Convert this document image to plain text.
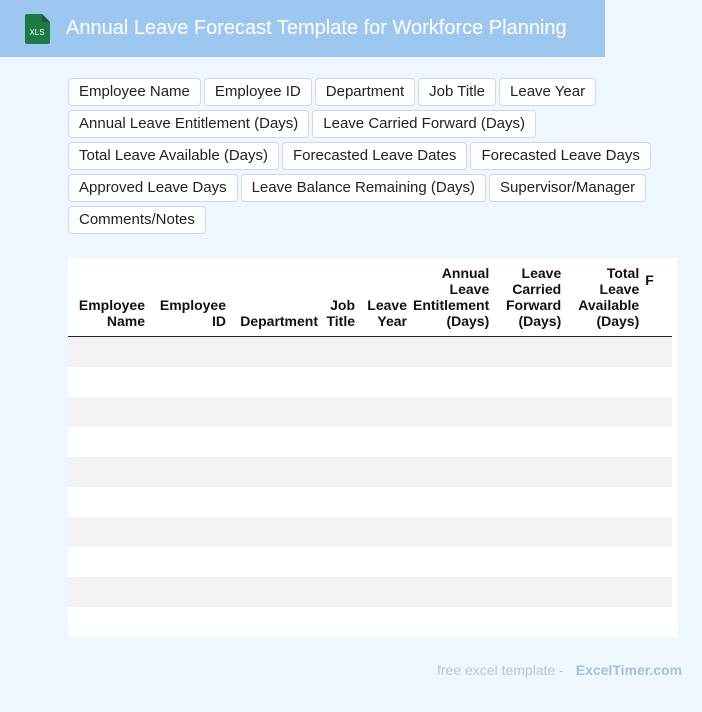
XLS Annual Leave Forecast Template for Workforce Planning
Employee Name	Employee ID	Department	Job Title	Leave Year
Annual Leave Entitlement (Days)	Leave Carried Forward (Days)
Total Leave Available (Days)	Forecasted Leave Dates	Forecasted Leave Days
Approved Leave Days	Leave Balance Remaining (Days)	Supervisor/Manager
Comments/Notes
Employee Name	Employee ID	Department	Job Title	Leave Year	Annual Leave Entitlement (Days)	Leave Carried Forward (Days)	Total Leave Available (Days)	F

free excel template - ExcelTimer.com
